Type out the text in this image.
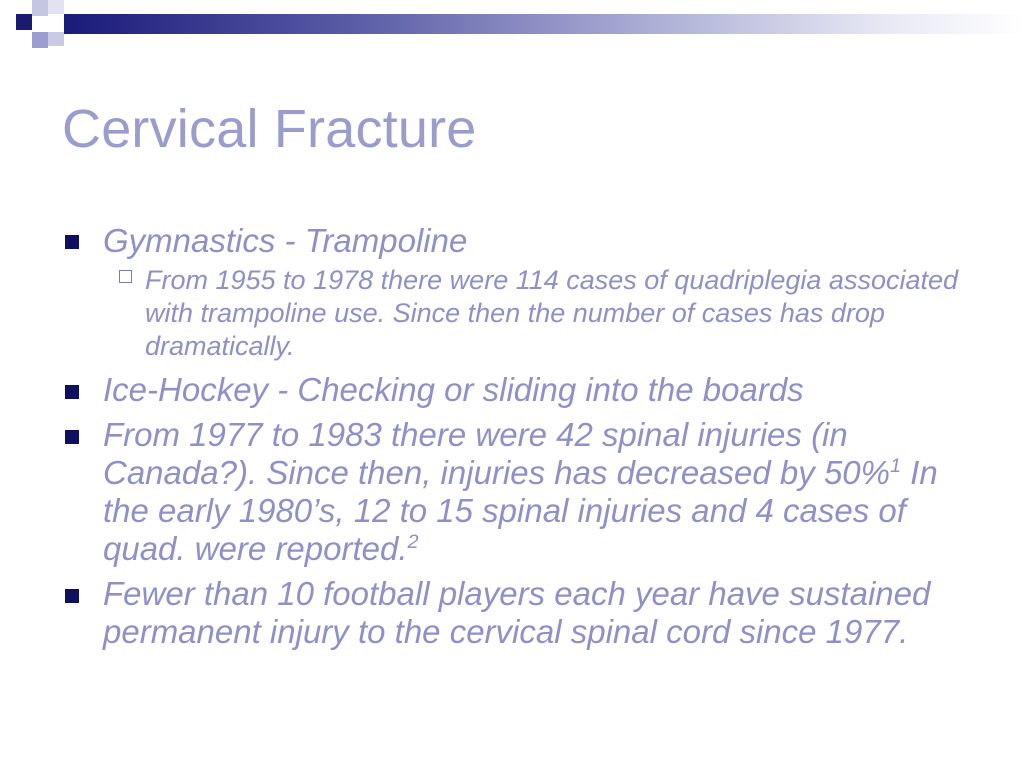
Cervical Fracture
Gymnastics - Trampoline
From 1955 to 1978 there were 114 cases of quadriplegia associated with trampoline use. Since then the number of cases has drop dramatically.
Ice-Hockey - Checking or sliding into the boards
From 1977 to 1983 there were 42 spinal injuries (in Canada?). Since then, injuries has decreased by 50%$^1$ In the early 1980’s, 12 to 15 spinal injuries and 4 cases of quad. were reported.$^2$
Fewer than 10 football players each year have sustained permanent injury to the cervical spinal cord since 1977.
